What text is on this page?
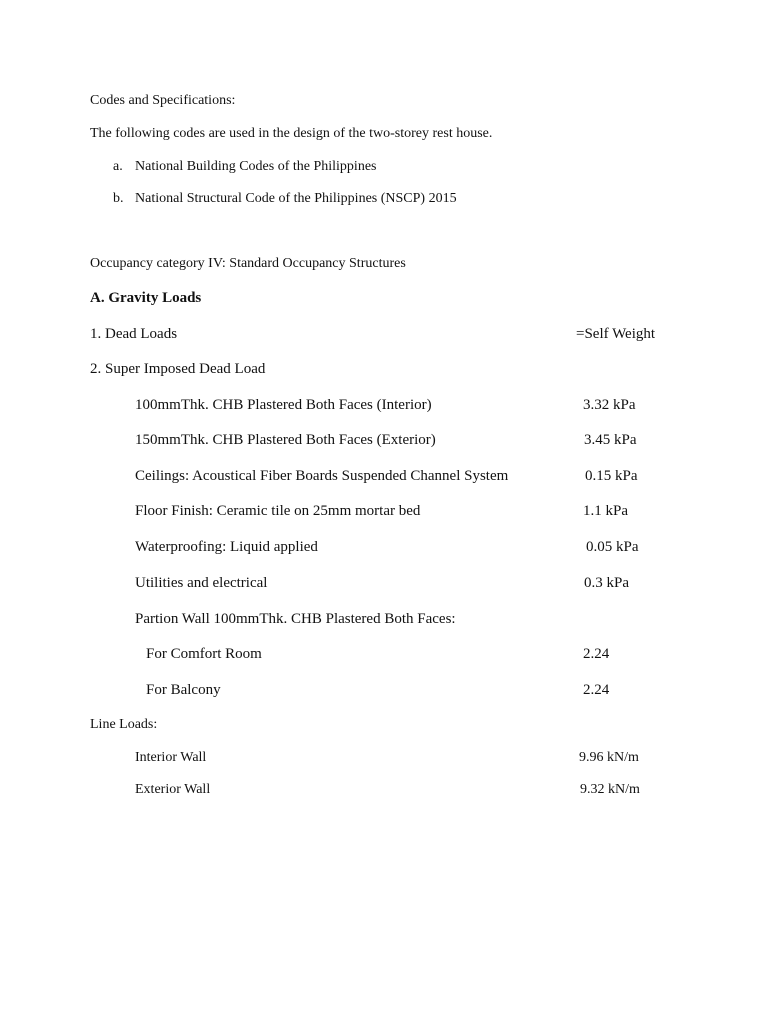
Codes and Specifications:
The following codes are used in the design of the two-storey rest house.
a. National Building Codes of the Philippines
b. National Structural Code of the Philippines (NSCP) 2015
Occupancy category IV: Standard Occupancy Structures
A. Gravity Loads
1. Dead Loads	=Self Weight
2. Super Imposed Dead Load
100mmThk. CHB Plastered Both Faces (Interior)	3.32 kPa
150mmThk. CHB Plastered Both Faces (Exterior)	3.45 kPa
Ceilings: Acoustical Fiber Boards Suspended Channel System	0.15 kPa
Floor Finish: Ceramic tile on 25mm mortar bed	1.1 kPa
Waterproofing: Liquid applied	0.05 kPa
Utilities and electrical	0.3 kPa
Partion Wall 100mmThk. CHB Plastered Both Faces:
For Comfort Room	2.24
For Balcony	2.24
Line Loads:
Interior Wall	9.96 kN/m
Exterior Wall	9.32 kN/m
